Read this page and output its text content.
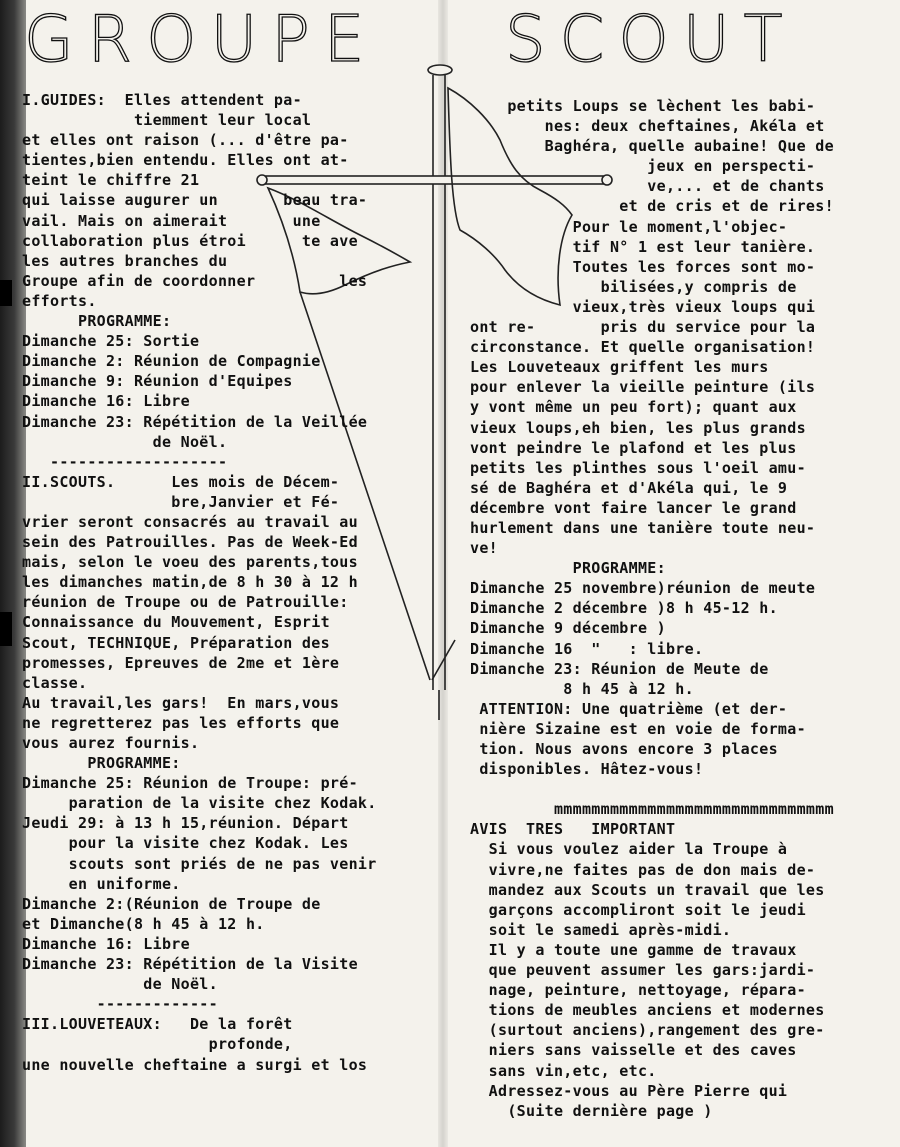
GROUPE SCOUT
I.GUIDES:  Elles attendent pa-
tiemment leur local
et elles ont raison (... d'être pa-
tientes,bien entendu. Elles ont at-
teint le chiffre 21
qui laisse augurer un       beau tra-
vail. Mais on aimerait       une
collaboration plus étroi      te ave
les autres branches du
Groupe afin de coordonner         les
efforts.
PROGRAMME:
Dimanche 25: Sortie
Dimanche 2: Réunion de Compagnie
Dimanche 9: Réunion d'Equipes
Dimanche 16: Libre
Dimanche 23: Répétition de la Veillée
de Noël.
-------------------
II.SCOUTS.      Les mois de Décem-
bre,Janvier et Fé-
vrier seront consacrés au travail au
sein des Patrouilles. Pas de Week-Ed
mais, selon le voeu des parents,tous
les dimanches matin,de 8 h 30 à 12 h
réunion de Troupe ou de Patrouille:
Connaissance du Mouvement, Esprit
Scout, TECHNIQUE, Préparation des
promesses, Epreuves de 2me et 1ère
classe.
Au travail,les gars!  En mars,vous
ne regretterez pas les efforts que
vous aurez fournis.
PROGRAMME:
Dimanche 25: Réunion de Troupe: pré-
paration de la visite chez Kodak.
Jeudi 29: à 13 h 15,réunion. Départ
pour la visite chez Kodak. Les
scouts sont priés de ne pas venir
en uniforme.
Dimanche 2:(Réunion de Troupe de
et Dimanche(8 h 45 à 12 h.
Dimanche 16: Libre
Dimanche 23: Répétition de la Visite
de Noël.
-------------
III.LOUVETEAUX:   De la forêt
profonde,
une nouvelle cheftaine a surgi et los
petits Loups se lèchent les babi-
nes: deux cheftaines, Akéla et
Baghéra, quelle aubaine! Que de
jeux en perspecti-
ve,... et de chants
et de cris et de rires!
Pour le moment,l'objec-
tif N° 1 est leur tanière.
Toutes les forces sont mo-
bilisées,y compris de
vieux,très vieux loups qui
ont re-       pris du service pour la
circonstance. Et quelle organisation!
Les Louveteaux griffent les murs
pour enlever la vieille peinture (ils
y vont même un peu fort); quant aux
vieux loups,eh bien, les plus grands
vont peindre le plafond et les plus
petits les plinthes sous l'oeil amu-
sé de Baghéra et d'Akéla qui, le 9
décembre vont faire lancer le grand
hurlement dans une tanière toute neu-
ve!
PROGRAMME:
Dimanche 25 novembre)réunion de meute
Dimanche 2 décembre )8 h 45-12 h.
Dimanche 9 décembre )
Dimanche 16  "   : libre.
Dimanche 23: Réunion de Meute de
8 h 45 à 12 h.
ATTENTION: Une quatrième (et der-
nière Sizaine est en voie de forma-
tion. Nous avons encore 3 places
disponibles. Hâtez-vous!
mmmmmmmmmmmmmmmmmmmmmmmmmmmmmm
AVIS  TRES   IMPORTANT
Si vous voulez aider la Troupe à
vivre,ne faites pas de don mais de-
mandez aux Scouts un travail que les
garçons accompliront soit le jeudi
soit le samedi après-midi.
Il y a toute une gamme de travaux
que peuvent assumer les gars:jardi-
nage, peinture, nettoyage, répara-
tions de meubles anciens et modernes
(surtout anciens),rangement des gre-
niers sans vaisselle et des caves
sans vin,etc, etc.
Adressez-vous au Père Pierre qui
(Suite dernière page )
